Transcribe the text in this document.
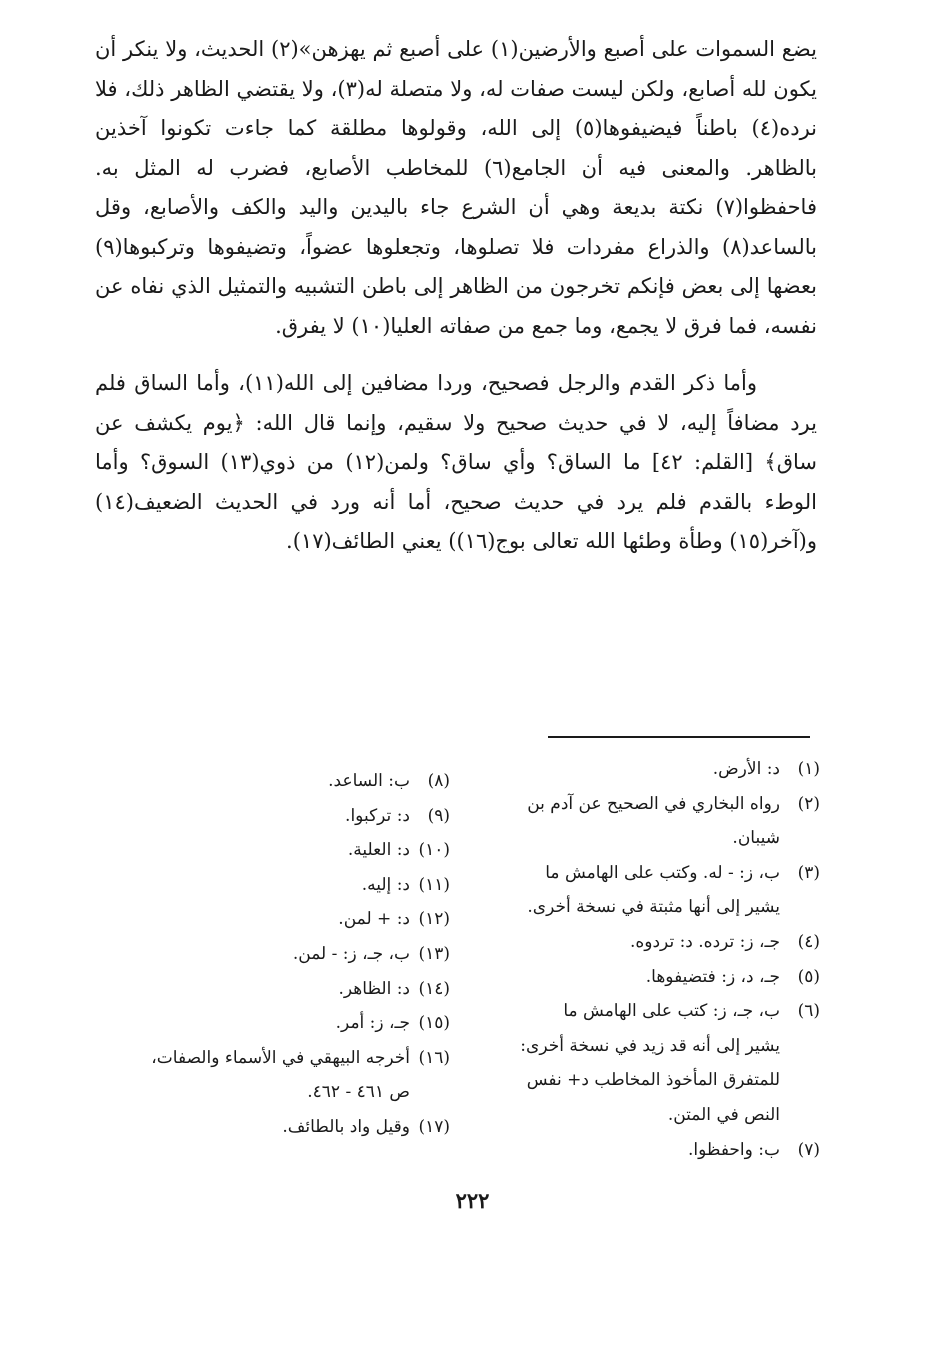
يضع السموات على أصبع والأرضين(١) على أصبع ثم يهزهن»(٢) الحديث، ولا ينكر أن يكون لله أصابع، ولكن ليست صفات له، ولا متصلة له(٣)، ولا يقتضي الظاهر ذلك، فلا نرده(٤) باطناً فيضيفوها(٥) إلى الله، وقولوها مطلقة كما جاءت تكونوا آخذين بالظاهر. والمعنى فيه أن الجامع(٦) للمخاطب الأصابع، فضرب له المثل به. فاحفظوا(٧) نكتة بديعة وهي أن الشرع جاء باليدين واليد والكف والأصابع، وقل بالساعد(٨) والذراع مفردات فلا تصلوها، وتجعلوها عضواً، وتضيفوها وتركبوها(٩) بعضها إلى بعض فإنكم تخرجون من الظاهر إلى باطن التشبيه والتمثيل الذي نفاه عن نفسه، فما فرق لا يجمع، وما جمع من صفاته العليا(١٠) لا يفرق.

وأما ذكر القدم والرجل فصحيح، وردا مضافين إلى الله(١١)، وأما الساق فلم يرد مضافاً إليه، لا في حديث صحيح ولا سقيم، وإنما قال الله: ﴿يوم يكشف عن ساق﴾ [القلم: ٤٢] ما الساق؟ وأي ساق؟ ولمن(١٢) من ذوي(١٣) السوق؟ وأما الوطء بالقدم فلم يرد في حديث صحيح، أما أنه ورد في الحديث الضعيف(١٤) و(آخر(١٥) وطأة وطئها الله تعالى بوج(١٦)) يعني الطائف(١٧).

(١)د: الأرض.
(٢)رواه البخاري في الصحيح عن آدم بن
شيبان.
(٣)ب، ز: - له. وكتب على الهامش ما
يشير إلى أنها مثبتة في نسخة أخرى.
(٤)جـ، ز: ترده. د: تردوه.
(٥)جـ، د، ز: فتضيفوها.
(٦)ب، جـ، ز: كتب على الهامش ما
يشير إلى أنه قد زيد في نسخة أخرى: للمتفرق المأخوذ المخاطب د+ نفس النص في المتن.
(٧)ب: واحفظوا.
(٨)ب: الساعد.
(٩)د: تركبوا.
(١٠)د: العلية.
(١١)د: إليه.
(١٢)د: + لمن.
(١٣)ب، جـ، ز: - لمن.
(١٤)د: الظاهر.
(١٥)جـ، ز: أمر.
(١٦)أخرجه البيهقي في الأسماء والصفات،
ص ٤٦١ - ٤٦٢.
(١٧)وقيل واد بالطائف.
٢٢٢
